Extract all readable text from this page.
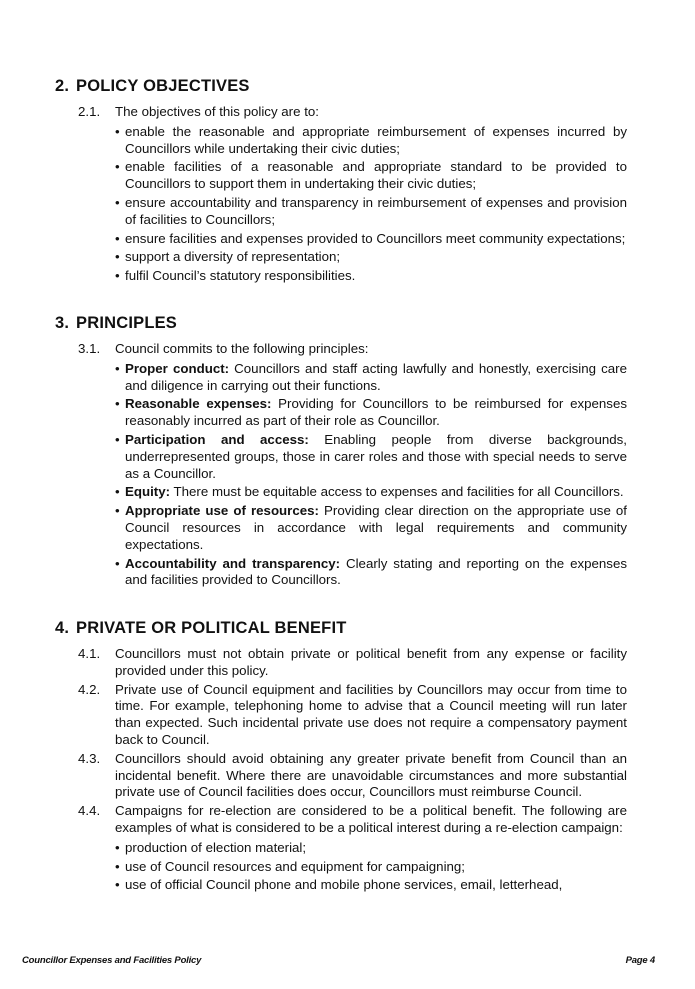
2. POLICY OBJECTIVES
2.1.	The objectives of this policy are to:
• enable the reasonable and appropriate reimbursement of expenses incurred by Councillors while undertaking their civic duties;
• enable facilities of a reasonable and appropriate standard to be provided to Councillors to support them in undertaking their civic duties;
• ensure accountability and transparency in reimbursement of expenses and provision of facilities to Councillors;
• ensure facilities and expenses provided to Councillors meet community expectations;
• support a diversity of representation;
• fulfil Council’s statutory responsibilities.
3. PRINCIPLES
3.1.	Council commits to the following principles:
• Proper conduct: Councillors and staff acting lawfully and honestly, exercising care and diligence in carrying out their functions.
• Reasonable expenses: Providing for Councillors to be reimbursed for expenses reasonably incurred as part of their role as Councillor.
• Participation and access: Enabling people from diverse backgrounds, underrepresented groups, those in carer roles and those with special needs to serve as a Councillor.
• Equity: There must be equitable access to expenses and facilities for all Councillors.
• Appropriate use of resources: Providing clear direction on the appropriate use of Council resources in accordance with legal requirements and community expectations.
• Accountability and transparency: Clearly stating and reporting on the expenses and facilities provided to Councillors.
4. PRIVATE OR POLITICAL BENEFIT
4.1.	Councillors must not obtain private or political benefit from any expense or facility provided under this policy.
4.2.	Private use of Council equipment and facilities by Councillors may occur from time to time. For example, telephoning home to advise that a Council meeting will run later than expected. Such incidental private use does not require a compensatory payment back to Council.
4.3.	Councillors should avoid obtaining any greater private benefit from Council than an incidental benefit. Where there are unavoidable circumstances and more substantial private use of Council facilities does occur, Councillors must reimburse Council.
4.4.	Campaigns for re-election are considered to be a political benefit. The following are examples of what is considered to be a political interest during a re-election campaign:
• production of election material;
• use of Council resources and equipment for campaigning;
• use of official Council phone and mobile phone services, email, letterhead,
Councillor Expenses and Facilities Policy	Page 4
